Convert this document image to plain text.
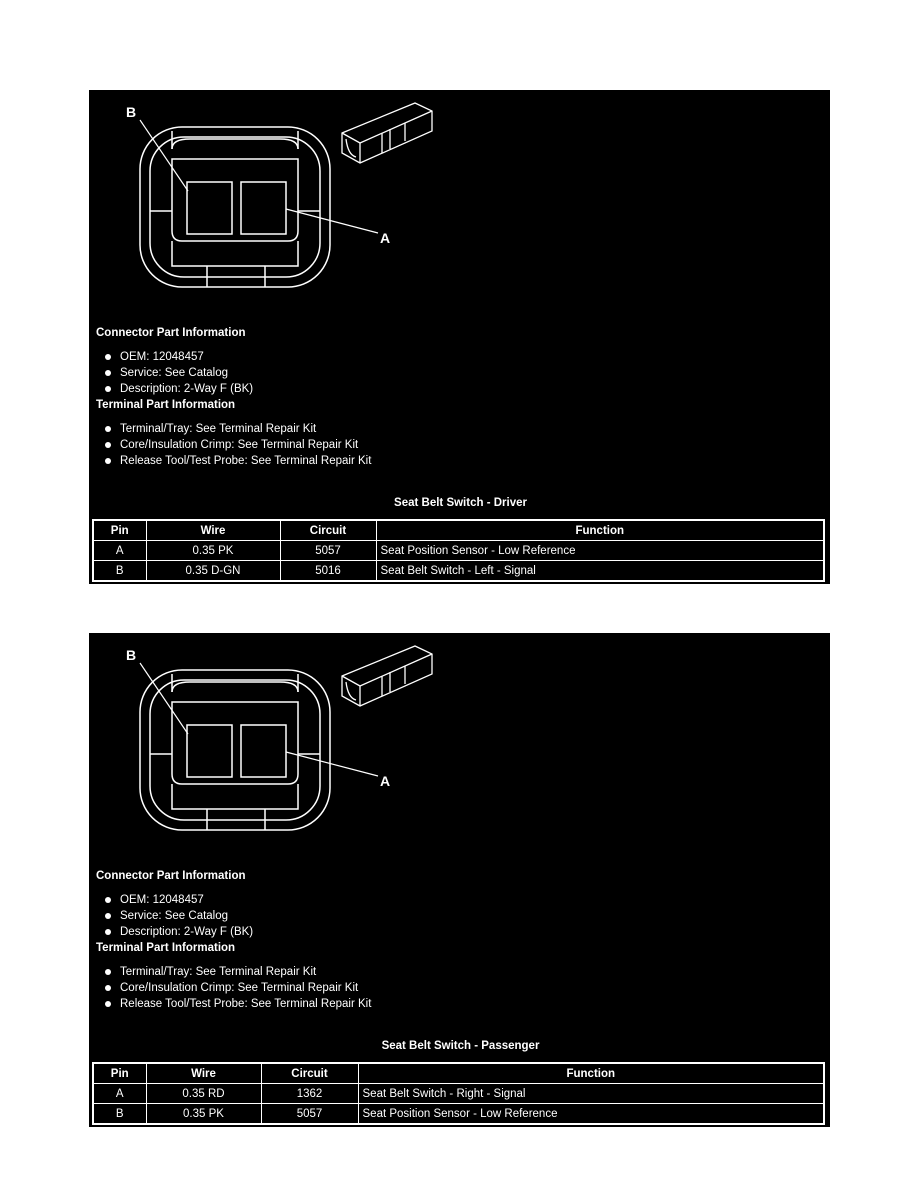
B
A

Connector Part Information

OEM: 12048457
Service: See Catalog
Description: 2-Way F (BK)

Terminal Part Information

Terminal/Tray: See Terminal Repair Kit
Core/Insulation Crimp: See Terminal Repair Kit
Release Tool/Test Probe: See Terminal Repair Kit
Seat Belt Switch - Driver
Pin	Wire	Circuit	Function
A	0.35 PK	5057	Seat Position Sensor - Low Reference
B	0.35 D-GN	5016	Seat Belt Switch - Left - Signal
B
A

Connector Part Information

OEM: 12048457
Service: See Catalog
Description: 2-Way F (BK)

Terminal Part Information

Terminal/Tray: See Terminal Repair Kit
Core/Insulation Crimp: See Terminal Repair Kit
Release Tool/Test Probe: See Terminal Repair Kit
Seat Belt Switch - Passenger
Pin	Wire	Circuit	Function
A	0.35 RD	1362	Seat Belt Switch - Right - Signal
B	0.35 PK	5057	Seat Position Sensor - Low Reference
